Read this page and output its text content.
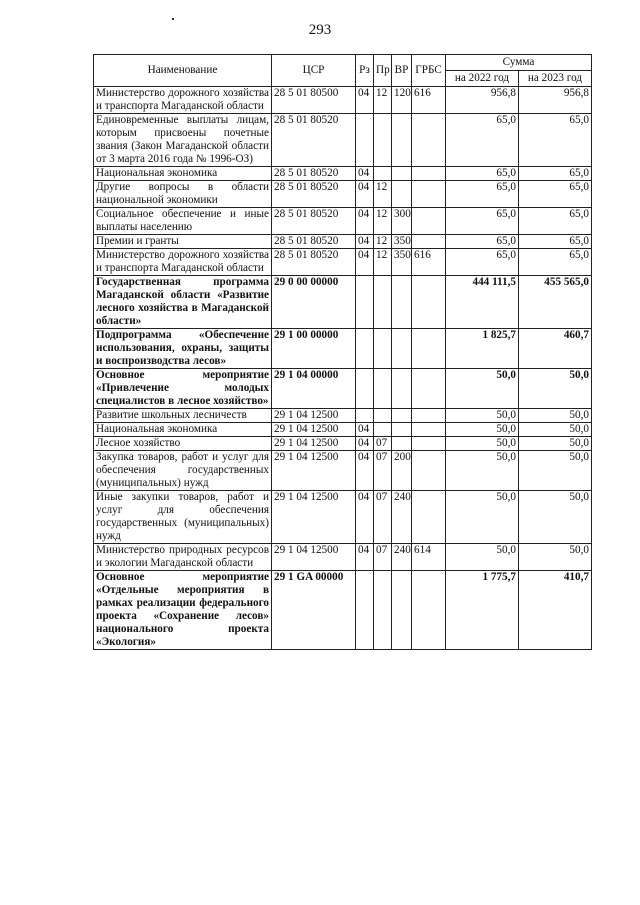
293
Наименование	ЦСР	Рз	Пр	ВР	ГРБС	Сумма	
						на 2022 год	на 2023 год
Министерство дорожного хозяйства и транспорта Магаданской области	28 5 01 80500	04	12	120	616	956,8	956,8
Единовременные выплаты лицам, которым присвоены почетные звания (Закон Магаданской области от 3 марта 2016 года № 1996-ОЗ)	28 5 01 80520					65,0	65,0
Национальная экономика	28 5 01 80520	04				65,0	65,0
Другие вопросы в области национальной экономики	28 5 01 80520	04	12			65,0	65,0
Социальное обеспечение и иные выплаты населению	28 5 01 80520	04	12	300		65,0	65,0
Премии и гранты	28 5 01 80520	04	12	350		65,0	65,0
Министерство дорожного хозяйства и транспорта Магаданской области	28 5 01 80520	04	12	350	616	65,0	65,0
Государственная программа Магаданской области «Развитие лесного хозяйства в Магаданской области»	29 0 00 00000					444 111,5	455 565,0
Подпрограмма «Обеспечение использования, охраны, защиты и воспроизводства лесов»	29 1 00 00000					1 825,7	460,7
Основное мероприятие «Привлечение молодых специалистов в лесное хозяйство»	29 1 04 00000					50,0	50,0
Развитие школьных лесничеств	29 1 04 12500					50,0	50,0
Национальная экономика	29 1 04 12500	04				50,0	50,0
Лесное хозяйство	29 1 04 12500	04	07			50,0	50,0
Закупка товаров, работ и услуг для обеспечения государственных (муниципальных) нужд	29 1 04 12500	04	07	200		50,0	50,0
Иные закупки товаров, работ и услуг для обеспечения государственных (муниципальных) нужд	29 1 04 12500	04	07	240		50,0	50,0
Министерство природных ресурсов и экологии Магаданской области	29 1 04 12500	04	07	240	614	50,0	50,0
Основное мероприятие «Отдельные мероприятия в рамках реализации федерального проекта «Сохранение лесов» национального проекта «Экология»	29 1 GA 00000					1 775,7	410,7
